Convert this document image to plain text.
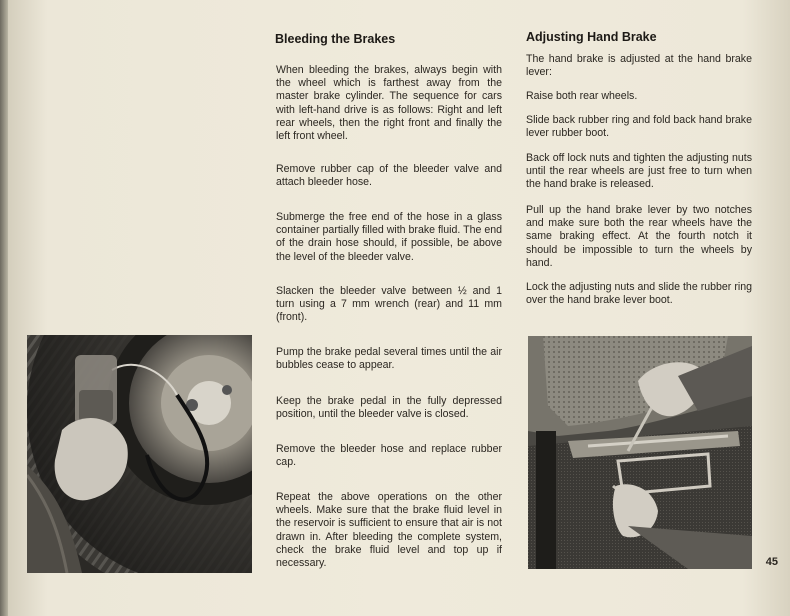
Bleeding the Brakes
When bleeding the brakes, always begin with the wheel which is farthest away from the master brake cylinder. The sequence for cars with left-hand drive is as follows: Right and left rear wheels, then the right front and finally the left front wheel.
Remove rubber cap of the bleeder valve and attach bleeder hose.
Submerge the free end of the hose in a glass container partially filled with brake fluid. The end of the drain hose should, if possible, be above the level of the bleeder valve.
Slacken the bleeder valve between ½ and 1 turn using a 7 mm wrench (rear) and 11 mm (front).
Pump the brake pedal several times until the air bubbles cease to appear.
Keep the brake pedal in the fully depressed position, until the bleeder valve is closed.
Remove the bleeder hose and replace rubber cap.
Repeat the above operations on the other wheels. Make sure that the brake fluid level in the reservoir is sufficient to ensure that air is not drawn in. After bleeding the complete system, check the brake fluid level and top up if necessary.
Adjusting Hand Brake
The hand brake is adjusted at the hand brake lever:
Raise both rear wheels.
Slide back rubber ring and fold back hand brake lever rubber boot.
Back off lock nuts and tighten the adjusting nuts until the rear wheels are just free to turn when the hand brake is released.
Pull up the hand brake lever by two notches and make sure both the rear wheels have the same braking effect. At the fourth notch it should be impossible to turn the wheels by hand.
Lock the adjusting nuts and slide the rubber ring over the hand brake lever boot.
45
